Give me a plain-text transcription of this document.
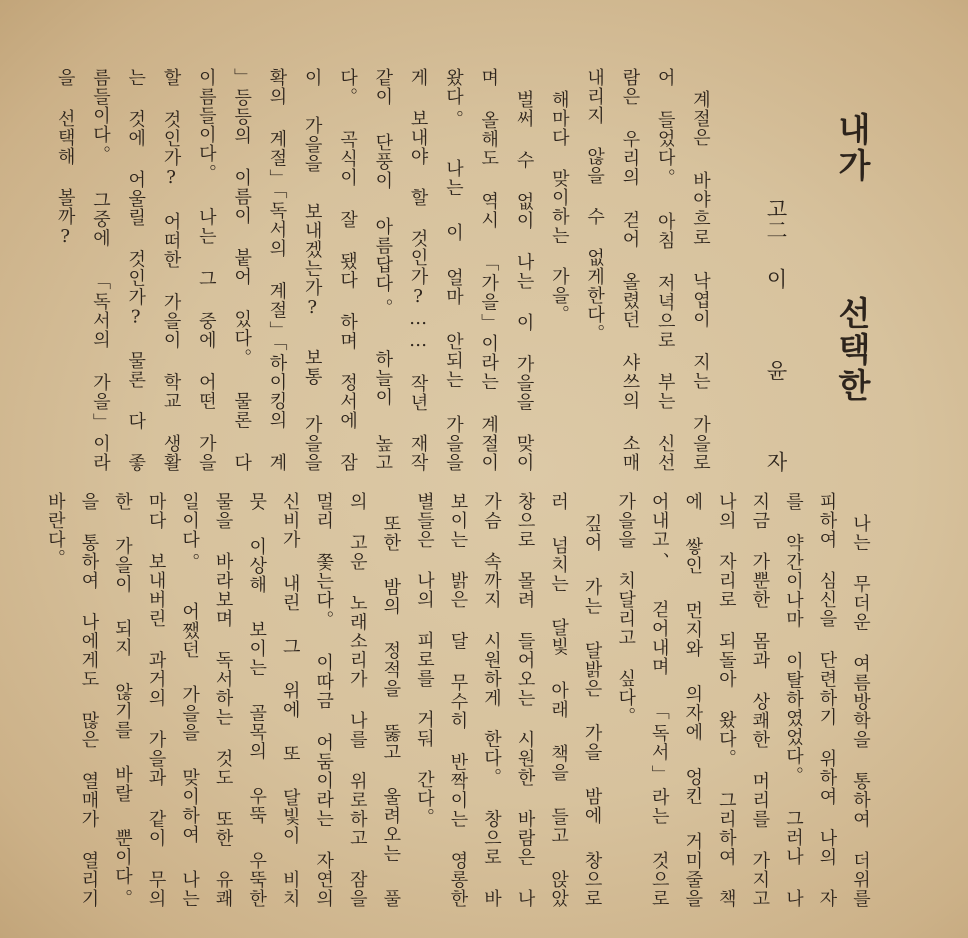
내가 선택한
고二
이 윤 자
계절은 바야흐로 낙엽이 지는 가을로
어 들었다。 아침 저녁으로 부는 신선
람은 우리의 걷어 올렸던 샤쓰의 소매
내리지 않을 수 없게한다。
해마다 맞이하는 가을。
벌써 수 없이 나는 이 가을을 맞이
며 올해도 역시 「가을」이라는 계절이
왔다。 나는 이 얼마 안되는 가을을
게 보내야 할 것인가?…… 작년 재작
같이 단풍이 아름답다。 하늘이 높고
다。 곡식이 잘 됐다 하며 정서에 잠
이 가을을 보내겠는가? 보통 가을을
확의 계절」「독서의 계절」「하이킹의 계
」등등의 이름이 붙어 있다。 물론 다
이름들이다。 나는 그 중에 어떤 가을
할 것인가? 어떠한 가을이 학교 생활
는 것에 어울릴 것인가? 물론 다 좋
름들이다。 그중에 「독서의 가을」이라
을 선택해 볼까?
나는 무더운 여름방학을 통하여 더위를
피하여 심신을 단련하기 위하여 나의 자
를 약간이나마 이탈하였었다。 그러나 나
지금 가뿐한 몸과 상쾌한 머리를 가지고
나의 자리로 되돌아 왔다。 그리하여 책
에 쌓인 먼지와 의자에 엉킨 거미줄을
어내고、 걷어내며 「독서」라는 것으로
가을을 치달리고 싶다。
깊어 가는 달밝은 가을 밤에 창으로
러 넘치는 달빛 아래 책을 들고 앉았
창으로 몰려 들어오는 시원한 바람은 나
가슴 속까지 시원하게 한다。 창으로 바
보이는 밝은 달 무수히 반짝이는 영롱한
별들은 나의 피로를 거둬 간다。
또한 밤의 정적을 뚫고 울려오는 풀
의 고운 노래소리가 나를 위로하고 잠을
멀리 쫓는다。 이따금 어둠이라는 자연의
신비가 내린 그 위에 또 달빛이 비치
뭇 이상해 보이는 골목의 우뚝 우뚝한
물을 바라보며 독서하는 것도 또한 유쾌
일이다。 어쨌던 가을을 맞이하여 나는
마다 보내버린 과거의 가을과 같이 무의
한 가을이 되지 않기를 바랄 뿐이다。
을 통하여 나에게도 많은 열매가 열리기
바란다。
